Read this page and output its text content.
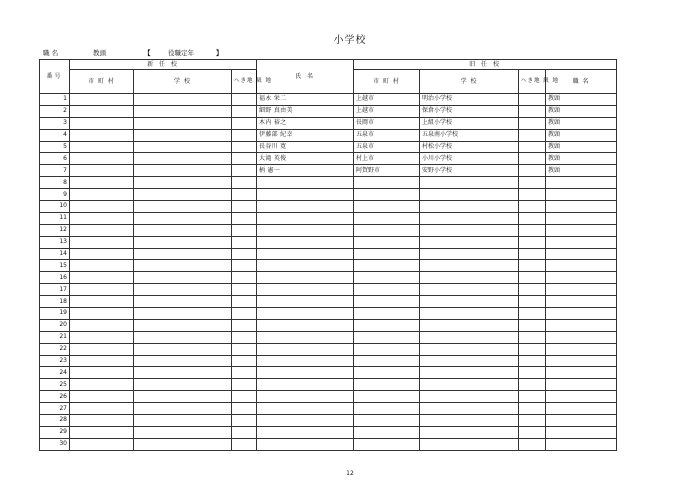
小学校
職 名	教頭	【	役職定年	】
番号	新 任 校			氏 名	旧 任 校			
	市 町 村	学 校	へき地 級 地		市 町 村	学 校	へき地 級 地	職 名
1				福永 栄二	上越市	明治小学校		教頭
2				細野 真由美	上越市	保倉小学校		教頭
3				木内 裕之	長岡市	上組小学校		教頭
4				伊藤部 紀幸	五泉市	五泉南小学校		教頭
5				長谷川 寛	五泉市	村松小学校		教頭
6				大滝 英俊	村上市	小川小学校		教頭
7				柄 憲一	阿賀野市	安野小学校		教頭
8								
9								
10								
11								
12								
13								
14								
15								
16								
17								
18								
19								
20								
21								
22								
23								
24								
25								
26								
27								
28								
29								
30								
12
